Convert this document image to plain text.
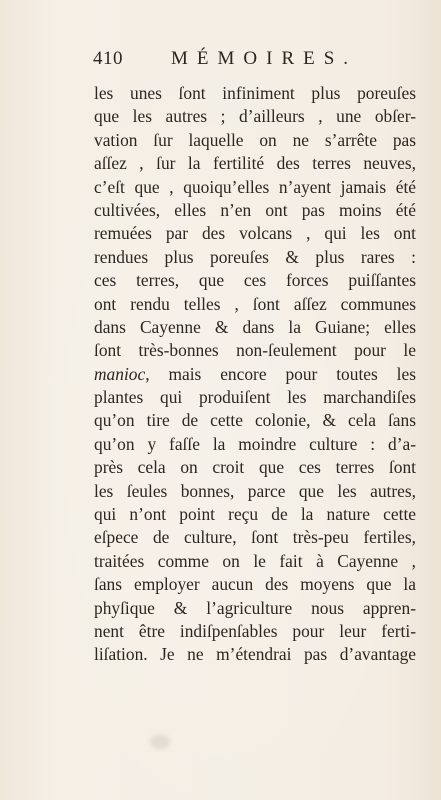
410	MÉMOIRES.
les unes ſont infiniment plus poreuſes
que les autres ; d’ailleurs , une obſer-
vation ſur laquelle on ne s’arrête pas
aſſez , ſur la fertilité des terres neuves,
c’eſt que , quoiqu’elles n’ayent jamais été
cultivées, elles n’en ont pas moins été
remuées par des volcans , qui les ont
rendues plus poreuſes & plus rares :
ces terres, que ces forces puiſſantes
ont rendu telles , ſont aſſez communes
dans Cayenne & dans la Guiane; elles
ſont très-bonnes non-ſeulement pour le
manioc, mais encore pour toutes les
plantes qui produiſent les marchandiſes
qu’on tire de cette colonie, & cela ſans
qu’on y faſſe la moindre culture : d’a-
près cela on croit que ces terres ſont
les ſeules bonnes, parce que les autres,
qui n’ont point reçu de la nature cette
eſpece de culture, ſont très-peu fertiles,
traitées comme on le fait à Cayenne ,
ſans employer aucun des moyens que la
phyſique & l’agriculture nous appren-
nent être indiſpenſables pour leur ferti-
liſation. Je ne m’étendrai pas d’avantage
